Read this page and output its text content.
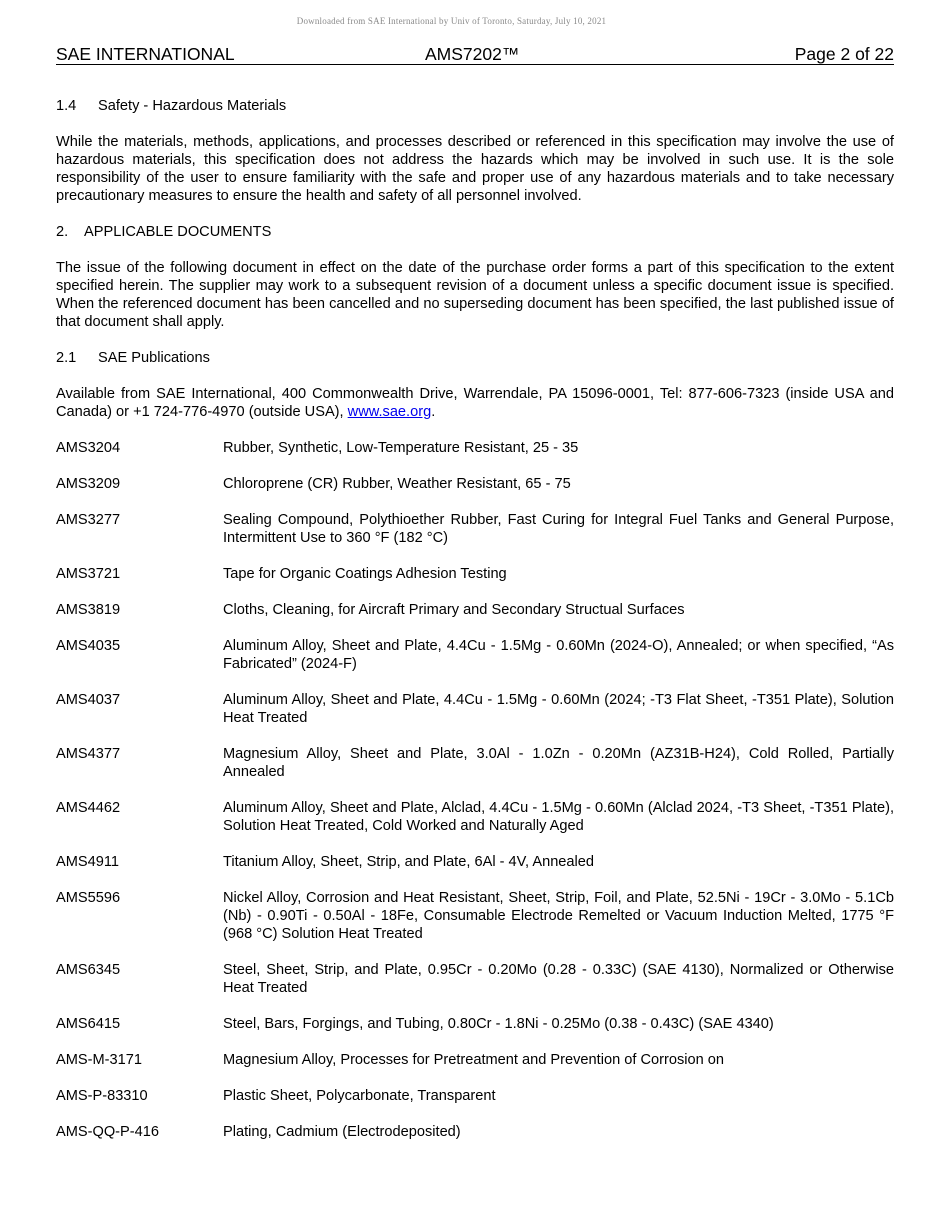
Downloaded from SAE International by Univ of Toronto, Saturday, July 10, 2021
SAE INTERNATIONAL	AMS7202™	Page 2 of 22
1.4	Safety - Hazardous Materials

While the materials, methods, applications, and processes described or referenced in this specification may involve the use of hazardous materials, this specification does not address the hazards which may be involved in such use. It is the sole responsibility of the user to ensure familiarity with the safe and proper use of any hazardous materials and to take necessary precautionary measures to ensure the health and safety of all personnel involved.

2.	APPLICABLE DOCUMENTS

The issue of the following document in effect on the date of the purchase order forms a part of this specification to the extent specified herein. The supplier may work to a subsequent revision of a document unless a specific document issue is specified. When the referenced document has been cancelled and no superseding document has been specified, the last published issue of that document shall apply.

2.1	SAE Publications

Available from SAE International, 400 Commonwealth Drive, Warrendale, PA 15096-0001, Tel: 877-606-7323 (inside USA and Canada) or +1 724-776-4970 (outside USA), www.sae.org.

AMS3204	Rubber, Synthetic, Low-Temperature Resistant, 25 - 35
AMS3209	Chloroprene (CR) Rubber, Weather Resistant, 65 - 75
AMS3277	Sealing Compound, Polythioether Rubber, Fast Curing for Integral Fuel Tanks and General Purpose, Intermittent Use to 360 °F (182 °C)
AMS3721	Tape for Organic Coatings Adhesion Testing
AMS3819	Cloths, Cleaning, for Aircraft Primary and Secondary Structual Surfaces
AMS4035	Aluminum Alloy, Sheet and Plate, 4.4Cu - 1.5Mg - 0.60Mn (2024-O), Annealed; or when specified, “As Fabricated” (2024-F)
AMS4037	Aluminum Alloy, Sheet and Plate, 4.4Cu - 1.5Mg - 0.60Mn (2024; -T3 Flat Sheet, -T351 Plate), Solution Heat Treated
AMS4377	Magnesium Alloy, Sheet and Plate, 3.0Al - 1.0Zn - 0.20Mn (AZ31B-H24), Cold Rolled, Partially Annealed
AMS4462	Aluminum Alloy, Sheet and Plate, Alclad, 4.4Cu - 1.5Mg - 0.60Mn (Alclad 2024, -T3 Sheet, -T351 Plate), Solution Heat Treated, Cold Worked and Naturally Aged
AMS4911	Titanium Alloy, Sheet, Strip, and Plate, 6Al - 4V, Annealed
AMS5596	Nickel Alloy, Corrosion and Heat Resistant, Sheet, Strip, Foil, and Plate, 52.5Ni - 19Cr - 3.0Mo - 5.1Cb (Nb) - 0.90Ti - 0.50Al - 18Fe, Consumable Electrode Remelted or Vacuum Induction Melted, 1775 °F (968 °C) Solution Heat Treated
AMS6345	Steel, Sheet, Strip, and Plate, 0.95Cr - 0.20Mo (0.28 - 0.33C) (SAE 4130), Normalized or Otherwise Heat Treated
AMS6415	Steel, Bars, Forgings, and Tubing, 0.80Cr - 1.8Ni - 0.25Mo (0.38 - 0.43C) (SAE 4340)
AMS-M-3171	Magnesium Alloy, Processes for Pretreatment and Prevention of Corrosion on
AMS-P-83310	Plastic Sheet, Polycarbonate, Transparent
AMS-QQ-P-416	Plating, Cadmium (Electrodeposited)
